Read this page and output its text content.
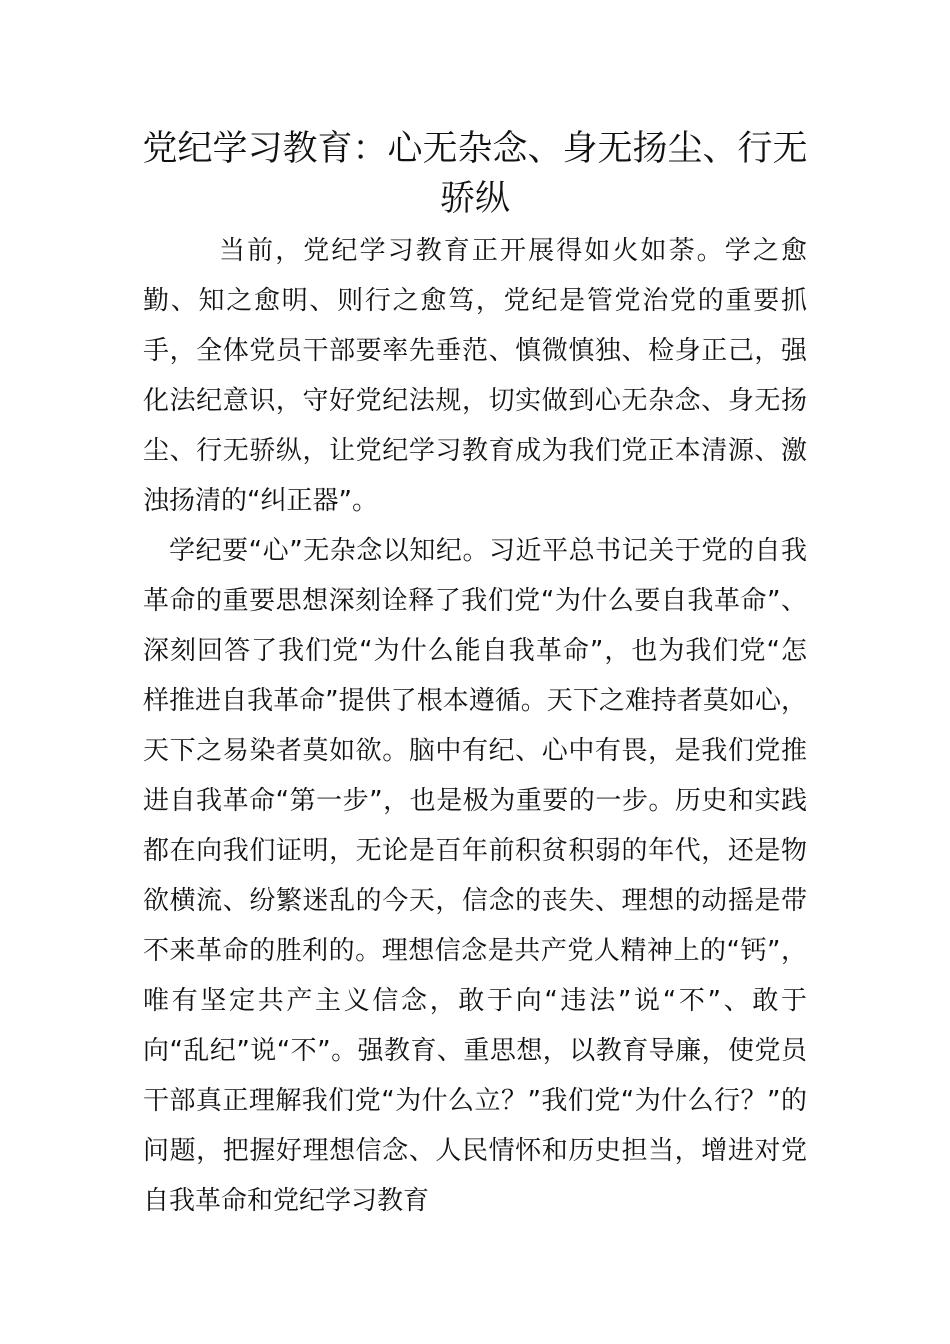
党纪学习教育：心无杂念、身无扬尘、行无骄纵

当前，党纪学习教育正开展得如火如荼。学之愈勤、知之愈明、则行之愈笃，党纪是管党治党的重要抓手，全体党员干部要率先垂范、慎微慎独、检身正己，强化法纪意识，守好党纪法规，切实做到心无杂念、身无扬尘、行无骄纵，让党纪学习教育成为我们党正本清源、激浊扬清的“纠正器”。

学纪要“心”无杂念以知纪。习近平总书记关于党的自我革命的重要思想深刻诠释了我们党“为什么要自我革命”、深刻回答了我们党“为什么能自我革命”，也为我们党“怎样推进自我革命”提供了根本遵循。天下之难持者莫如心，天下之易染者莫如欲。脑中有纪、心中有畏，是我们党推进自我革命“第一步”，也是极为重要的一步。历史和实践都在向我们证明，无论是百年前积贫积弱的年代，还是物欲横流、纷繁迷乱的今天，信念的丧失、理想的动摇是带不来革命的胜利的。理想信念是共产党人精神上的“钙”，唯有坚定共产主义信念，敢于向“违法”说“不”、敢于向“乱纪”说“不”。强教育、重思想，以教育导廉，使党员干部真正理解我们党“为什么立？”我们党“为什么行？”的问题，把握好理想信念、人民情怀和历史担当，增进对党自我革命和党纪学习教育
